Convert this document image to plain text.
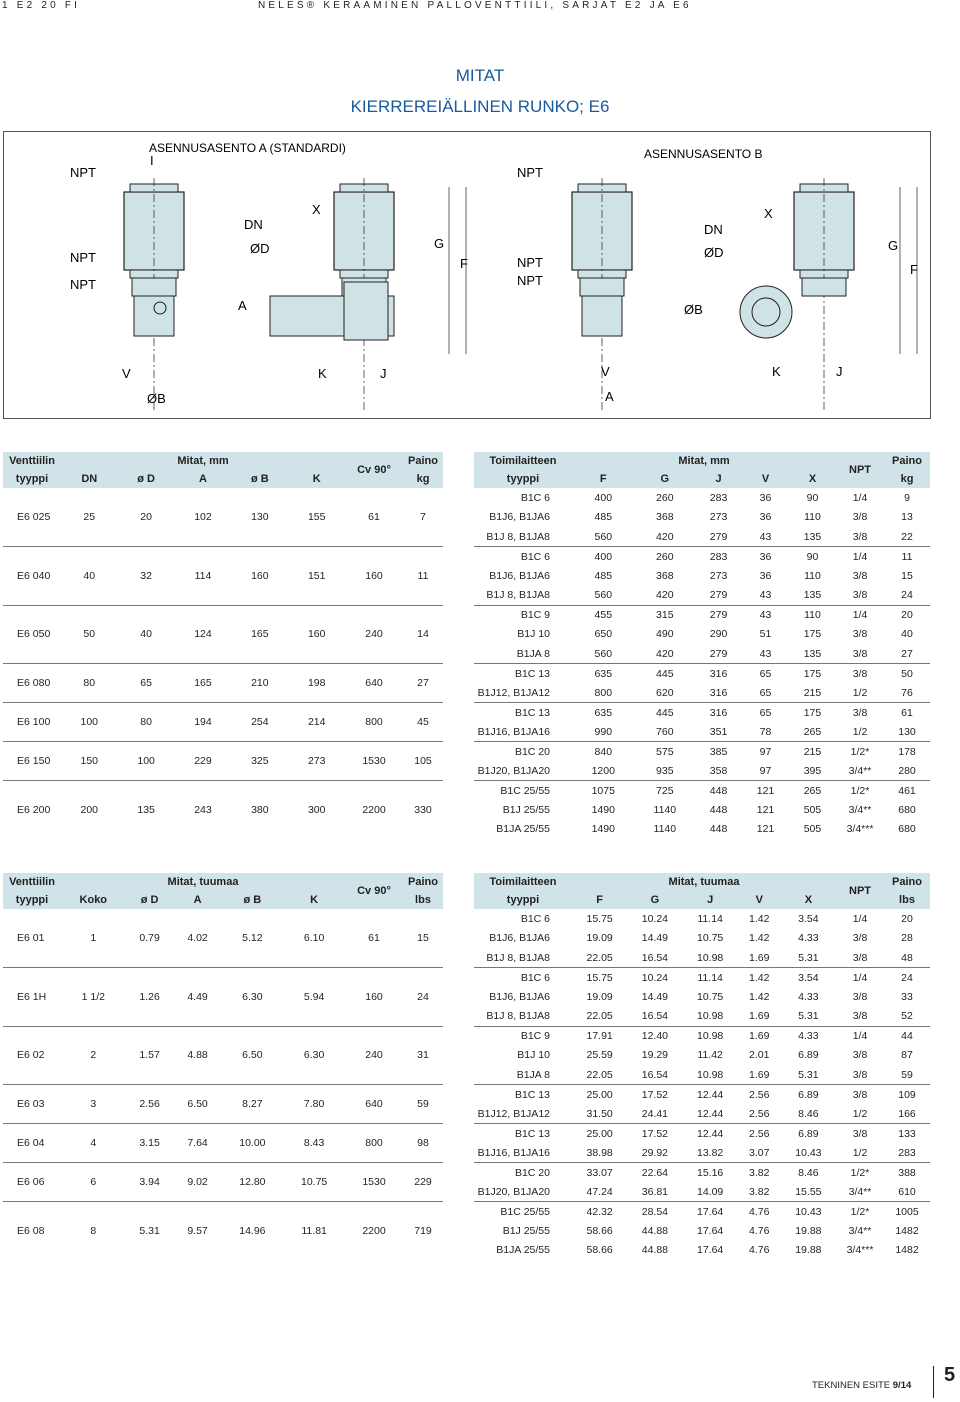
1 E2 20 FI	NELES® KERAAMINEN PALLOVENTTIILI, SARJAT E2 JA E6
MITAT
KIERREREIÄLLINEN RUNKO; E6
ASENNUSASENTO A (STANDARDI)
NPT
I
NPT
NPT
DN
ØD
X
G
F
A
V
ØB
K	J
ASENNUSASENTO B
NPT
NPT
NPT
DN
ØD
X
ØB
G
F
V
A
K	J
Venttiilin	Mitat, mm					Cv 90°	Paino
tyyppi	DN	ø D	A	ø B	K		kg
E6 025	25	20	102	130	155	61	7
E6 040	40	32	114	160	151	160	11
E6 050	50	40	124	165	160	240	14
E6 080	80	65	165	210	198	640	27
E6 100	100	80	194	254	214	800	45
E6 150	150	100	229	325	273	1530	105
E6 200	200	135	243	380	300	2200	330
Toimilaitteen	Mitat, mm					NPT	Paino
tyyppi	F	G	J	V	X		kg
B1C 6	400	260	283	36	90	1/4	9
B1J6, B1JA6	485	368	273	36	110	3/8	13
B1J 8, B1JA8	560	420	279	43	135	3/8	22
B1C 6	400	260	283	36	90	1/4	11
B1J6, B1JA6	485	368	273	36	110	3/8	15
B1J 8, B1JA8	560	420	279	43	135	3/8	24
B1C 9	455	315	279	43	110	1/4	20
B1J 10	650	490	290	51	175	3/8	40
B1JA 8	560	420	279	43	135	3/8	27
B1C 13	635	445	316	65	175	3/8	50
B1J12, B1JA12	800	620	316	65	215	1/2	76
B1C 13	635	445	316	65	175	3/8	61
B1J16, B1JA16	990	760	351	78	265	1/2	130
B1C 20	840	575	385	97	215	1/2*	178
B1J20, B1JA20	1200	935	358	97	395	3/4**	280
B1C 25/55	1075	725	448	121	265	1/2*	461
B1J 25/55	1490	1140	448	121	505	3/4**	680
B1JA 25/55	1490	1140	448	121	505	3/4***	680
Venttiilin	Mitat, tuumaa					Cv 90°	Paino
tyyppi	Koko	ø D	A	ø B	K		lbs
E6 01	1	0.79	4.02	5.12	6.10	61	15
E6 1H	1 1/2	1.26	4.49	6.30	5.94	160	24
E6 02	2	1.57	4.88	6.50	6.30	240	31
E6 03	3	2.56	6.50	8.27	7.80	640	59
E6 04	4	3.15	7.64	10.00	8.43	800	98
E6 06	6	3.94	9.02	12.80	10.75	1530	229
E6 08	8	5.31	9.57	14.96	11.81	2200	719
Toimilaitteen	Mitat, tuumaa					NPT	Paino
tyyppi	F	G	J	V	X		lbs
B1C 6	15.75	10.24	11.14	1.42	3.54	1/4	20
B1J6, B1JA6	19.09	14.49	10.75	1.42	4.33	3/8	28
B1J 8, B1JA8	22.05	16.54	10.98	1.69	5.31	3/8	48
B1C 6	15.75	10.24	11.14	1.42	3.54	1/4	24
B1J6, B1JA6	19.09	14.49	10.75	1.42	4.33	3/8	33
B1J 8, B1JA8	22.05	16.54	10.98	1.69	5.31	3/8	52
B1C 9	17.91	12.40	10.98	1.69	4.33	1/4	44
B1J 10	25.59	19.29	11.42	2.01	6.89	3/8	87
B1JA 8	22.05	16.54	10.98	1.69	5.31	3/8	59
B1C 13	25.00	17.52	12.44	2.56	6.89	3/8	109
B1J12, B1JA12	31.50	24.41	12.44	2.56	8.46	1/2	166
B1C 13	25.00	17.52	12.44	2.56	6.89	3/8	133
B1J16, B1JA16	38.98	29.92	13.82	3.07	10.43	1/2	283
B1C 20	33.07	22.64	15.16	3.82	8.46	1/2*	388
B1J20, B1JA20	47.24	36.81	14.09	3.82	15.55	3/4**	610
B1C 25/55	42.32	28.54	17.64	4.76	10.43	1/2*	1005
B1J 25/55	58.66	44.88	17.64	4.76	19.88	3/4**	1482
B1JA 25/55	58.66	44.88	17.64	4.76	19.88	3/4***	1482
TEKNINEN ESITE 9/14 5
